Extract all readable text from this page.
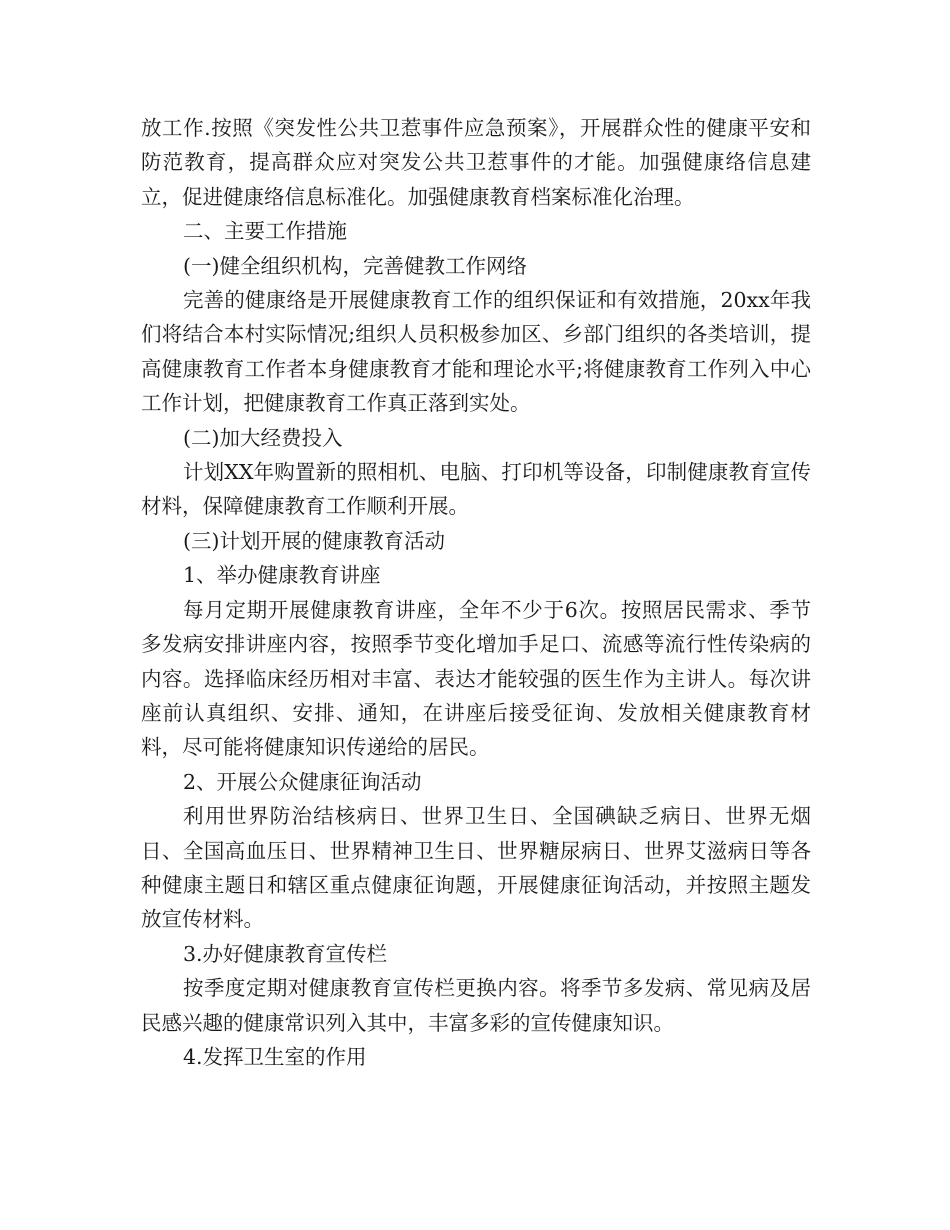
放工作.按照《突发性公共卫惹事件应急预案》，开展群众性的健康平安和防范教育，提高群众应对突发公共卫惹事件的才能。加强健康络信息建立，促进健康络信息标准化。加强健康教育档案标准化治理。

二、主要工作措施

(一)健全组织机构，完善健教工作网络

完善的健康络是开展健康教育工作的组织保证和有效措施，20xx年我们将结合本村实际情况;组织人员积极参加区、乡部门组织的各类培训，提高健康教育工作者本身健康教育才能和理论水平;将健康教育工作列入中心工作计划，把健康教育工作真正落到实处。

(二)加大经费投入

计划XX年购置新的照相机、电脑、打印机等设备，印制健康教育宣传材料，保障健康教育工作顺利开展。

(三)计划开展的健康教育活动

1、举办健康教育讲座

每月定期开展健康教育讲座，全年不少于6次。按照居民需求、季节多发病安排讲座内容，按照季节变化增加手足口、流感等流行性传染病的内容。选择临床经历相对丰富、表达才能较强的医生作为主讲人。每次讲座前认真组织、安排、通知，在讲座后接受征询、发放相关健康教育材料，尽可能将健康知识传递给的居民。

2、开展公众健康征询活动

利用世界防治结核病日、世界卫生日、全国碘缺乏病日、世界无烟日、全国高血压日、世界精神卫生日、世界糖尿病日、世界艾滋病日等各种健康主题日和辖区重点健康征询题，开展健康征询活动，并按照主题发放宣传材料。

3.办好健康教育宣传栏

按季度定期对健康教育宣传栏更换内容。将季节多发病、常见病及居民感兴趣的健康常识列入其中，丰富多彩的宣传健康知识。

4.发挥卫生室的作用
